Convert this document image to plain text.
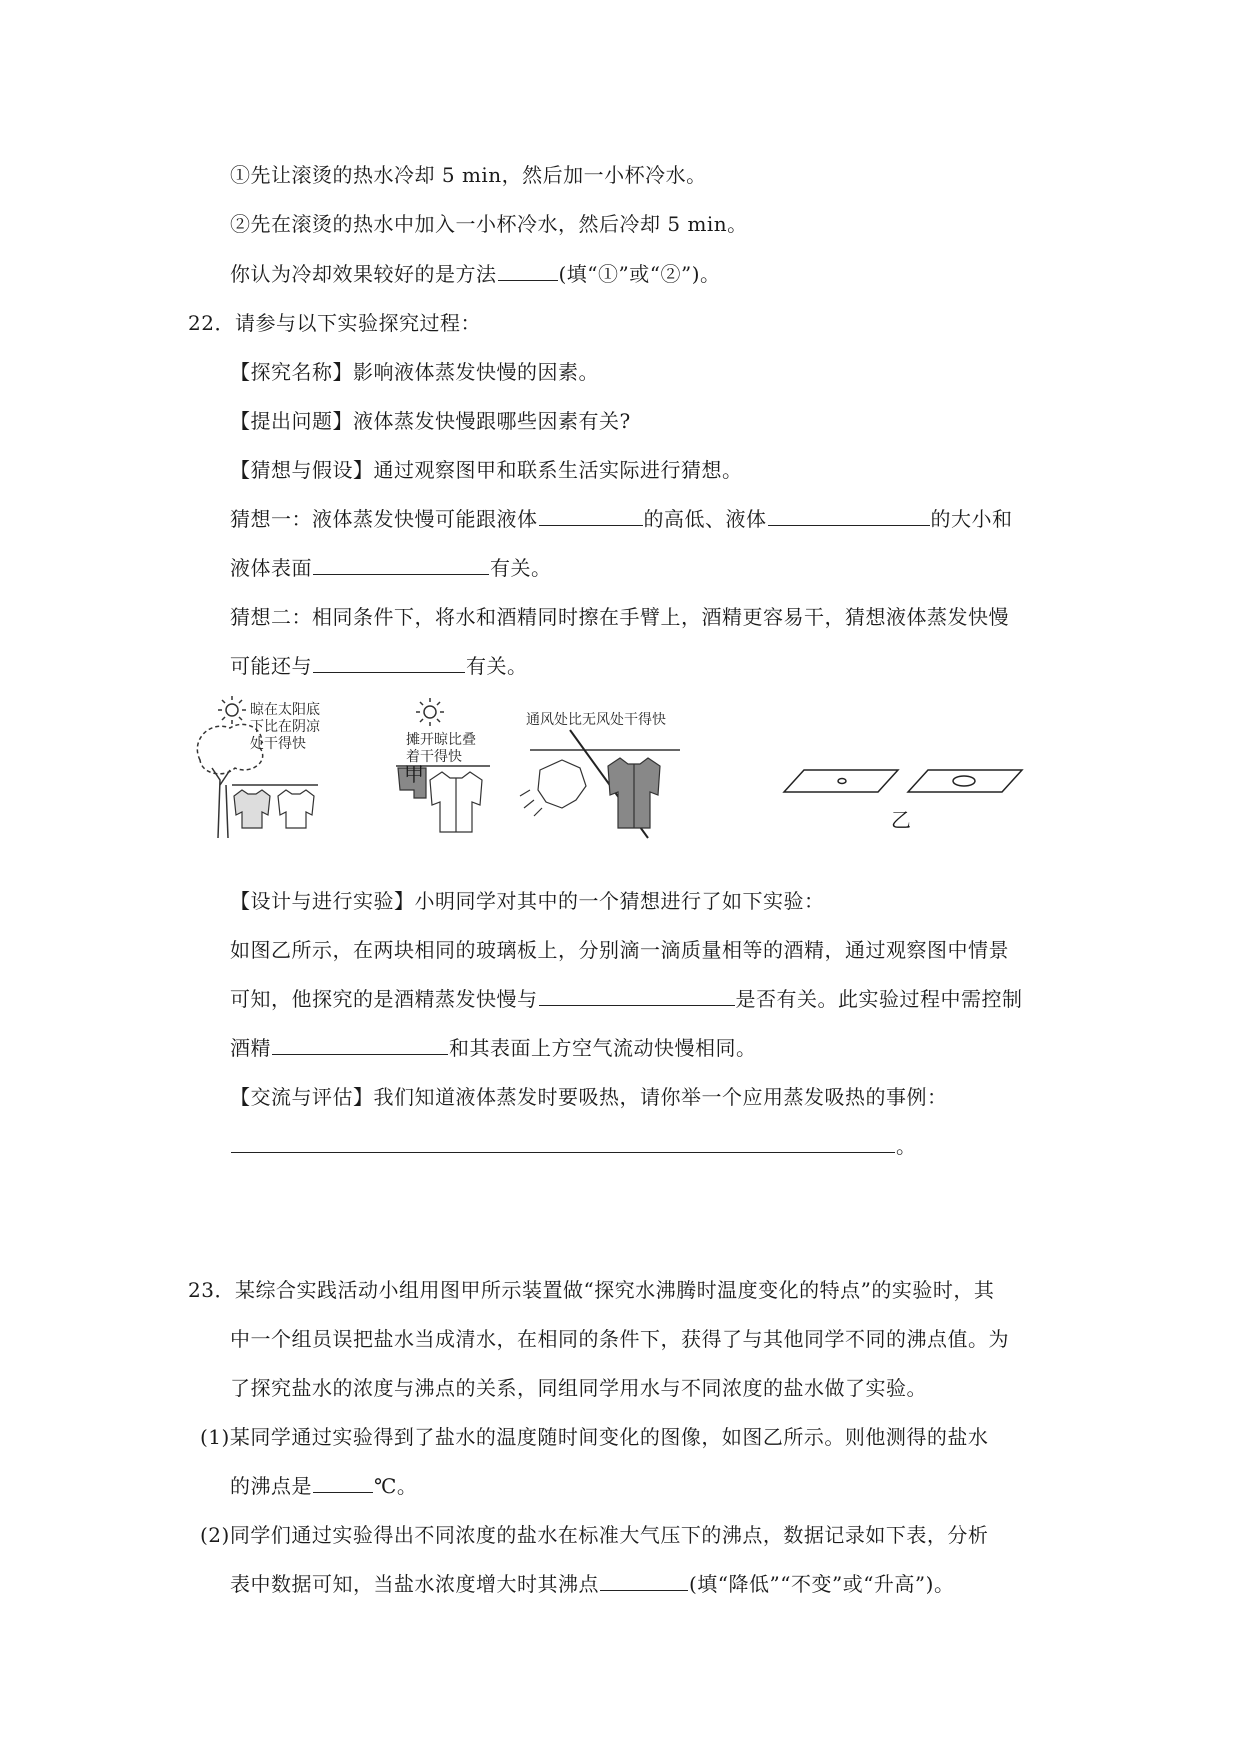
①先让滚烫的热水冷却 5 min，然后加一小杯冷水。
②先在滚烫的热水中加入一小杯冷水，然后冷却 5 min。
你认为冷却效果较好的是方法	(填“①”或“②”)。
22．请参与以下实验探究过程：
【探究名称】影响液体蒸发快慢的因素。
【提出问题】液体蒸发快慢跟哪些因素有关?
【猜想与假设】通过观察图甲和联系生活实际进行猜想。
猜想一：液体蒸发快慢可能跟液体	的高低、液体	的大小和
液体表面	有关。
猜想二：相同条件下，将水和酒精同时擦在手臂上，酒精更容易干，猜想液体蒸发快慢
可能还与	有关。
晾在太阳底
下比在阴凉
处干得快	摊开晾比叠
着干得快
通风处比无风处干得快
甲
乙
【设计与进行实验】小明同学对其中的一个猜想进行了如下实验：
如图乙所示，在两块相同的玻璃板上，分别滴一滴质量相等的酒精，通过观察图中情景
可知，他探究的是酒精蒸发快慢与	是否有关。此实验过程中需控制
酒精	和其表面上方空气流动快慢相同。
【交流与评估】我们知道液体蒸发时要吸热，请你举一个应用蒸发吸热的事例：
。
23．某综合实践活动小组用图甲所示装置做“探究水沸腾时温度变化的特点”的实验时，其
中一个组员误把盐水当成清水，在相同的条件下，获得了与其他同学不同的沸点值。为
了探究盐水的浓度与沸点的关系，同组同学用水与不同浓度的盐水做了实验。
(1)某同学通过实验得到了盐水的温度随时间变化的图像，如图乙所示。则他测得的盐水
的沸点是	℃。
(2)同学们通过实验得出不同浓度的盐水在标准大气压下的沸点，数据记录如下表，分析
表中数据可知，当盐水浓度增大时其沸点	(填“降低”“不变”或“升高”)。
